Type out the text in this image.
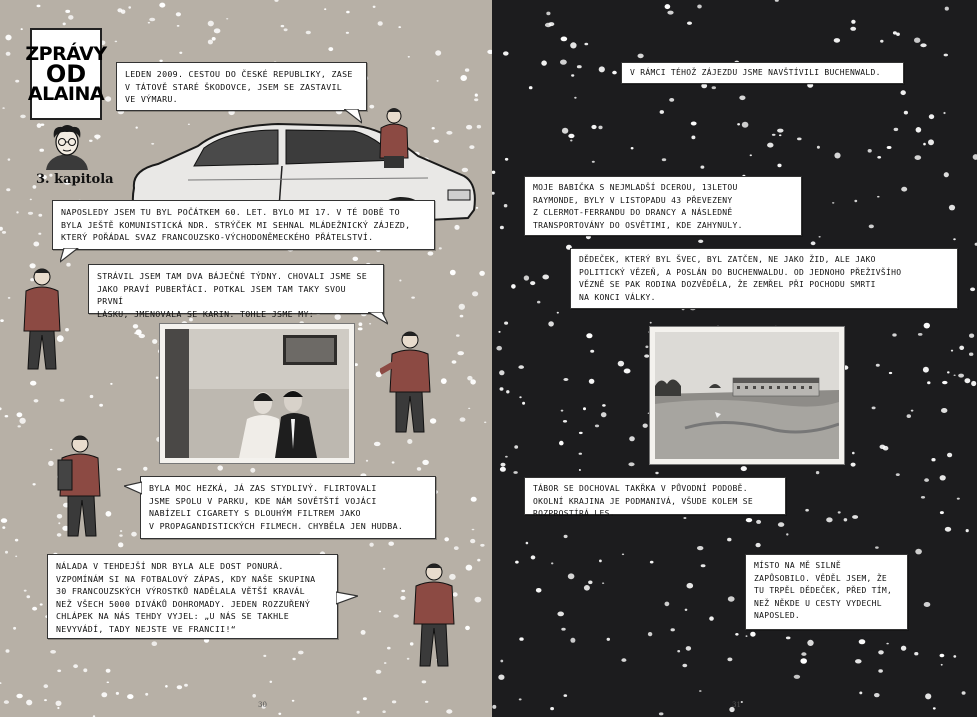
ZPRÁVY
OD
ALAINA
3. kapitola
LEDEN 2009. CESTOU DO ČESKÉ REPUBLIKY, ZASE
V TÁTOVĚ STARÉ ŠKODOVCE, JSEM SE ZASTAVIL
VE VÝMARU.
NAPOSLEDY JSEM TU BYL POČÁTKEM 60. LET. BYLO MI 17. V TÉ DOBĚ TO
BYLA JEŠTĚ KOMUNISTICKÁ NDR. STRÝČEK MI SEHNAL MLÁDEŽNICKÝ ZÁJEZD,
KTERÝ POŘÁDAL SVAZ FRANCOUZSKO-VÝCHODONĚMECKÉHO PŘÁTELSTVÍ.
STRÁVIL JSEM TAM DVA BÁJEČNÉ TÝDNY. CHOVALI JSME SE
JAKO PRAVÍ PUBERŤÁCI. POTKAL JSEM TAM TAKY SVOU PRVNÍ
LÁSKU, JMENOVALA SE KARIN. TOHLE JSME MY:
BYLA MOC HEZKÁ, JÁ ZAS STYDLIVÝ. FLIRTOVALI
JSME SPOLU V PARKU, KDE NÁM SOVĚTŠTÍ VOJÁCI
NABÍZELI CIGARETY S DLOUHÝM FILTREM JAKO
V PROPAGANDISTICKÝCH FILMECH. CHYBĚLA JEN HUDBA.
NÁLADA V TEHDEJŠÍ NDR BYLA ALE DOST PONURÁ.
VZPOMÍNÁM SI NA FOTBALOVÝ ZÁPAS, KDY NAŠE SKUPINA
30 FRANCOUZSKÝCH VÝROSTKŮ NADĚLALA VĚTŠÍ KRAVÁL
NEŽ VŠECH 5000 DIVÁKŮ DOHROMADY. JEDEN ROZZUŘENÝ
CHLÁPEK NA NÁS TEHDY VYJEL: „U NÁS SE TAKHLE
NEVYVÁDÍ, TADY NEJSTE VE FRANCII!“
30
V RÁMCI TÉHOŽ ZÁJEZDU JSME NAVŠTÍVILI BUCHENWALD.
MOJE BABIČKA S NEJMLADŠÍ DCEROU, 13LETOU
RAYMONDE, BYLY V LISTOPADU 43 PŘEVEZENY
Z CLERMOT-FERRANDU DO DRANCY A NÁSLEDNĚ
TRANSPORTOVÁNY DO OSVĚTIMI, KDE ZAHYNULY.
DĚDEČEK, KTERÝ BYL ŠVEC, BYL ZATČEN, NE JAKO ŽID, ALE JAKO
POLITICKÝ VĚZEŇ, A POSLÁN DO BUCHENWALDU. OD JEDNOHO PŘEŽIVŠÍHO
VĚZNĚ SE PAK RODINA DOZVĚDĚLA, ŽE ZEMŘEL PŘI POCHODU SMRTI
NA KONCI VÁLKY.
TÁBOR SE DOCHOVAL TAKŘKA V PŮVODNÍ PODOBĚ.
OKOLNÍ KRAJINA JE PODMANIVÁ, VŠUDE KOLEM SE
ROZPROSTÍRÁ LES.
MÍSTO NA MĚ SILNĚ
ZAPŮSOBILO. VĚDĚL JSEM, ŽE
TU TRPĚL DĚDEČEK, PŘED TÍM,
NEŽ NĚKDE U CESTY VYDECHL
NAPOSLED.
31
